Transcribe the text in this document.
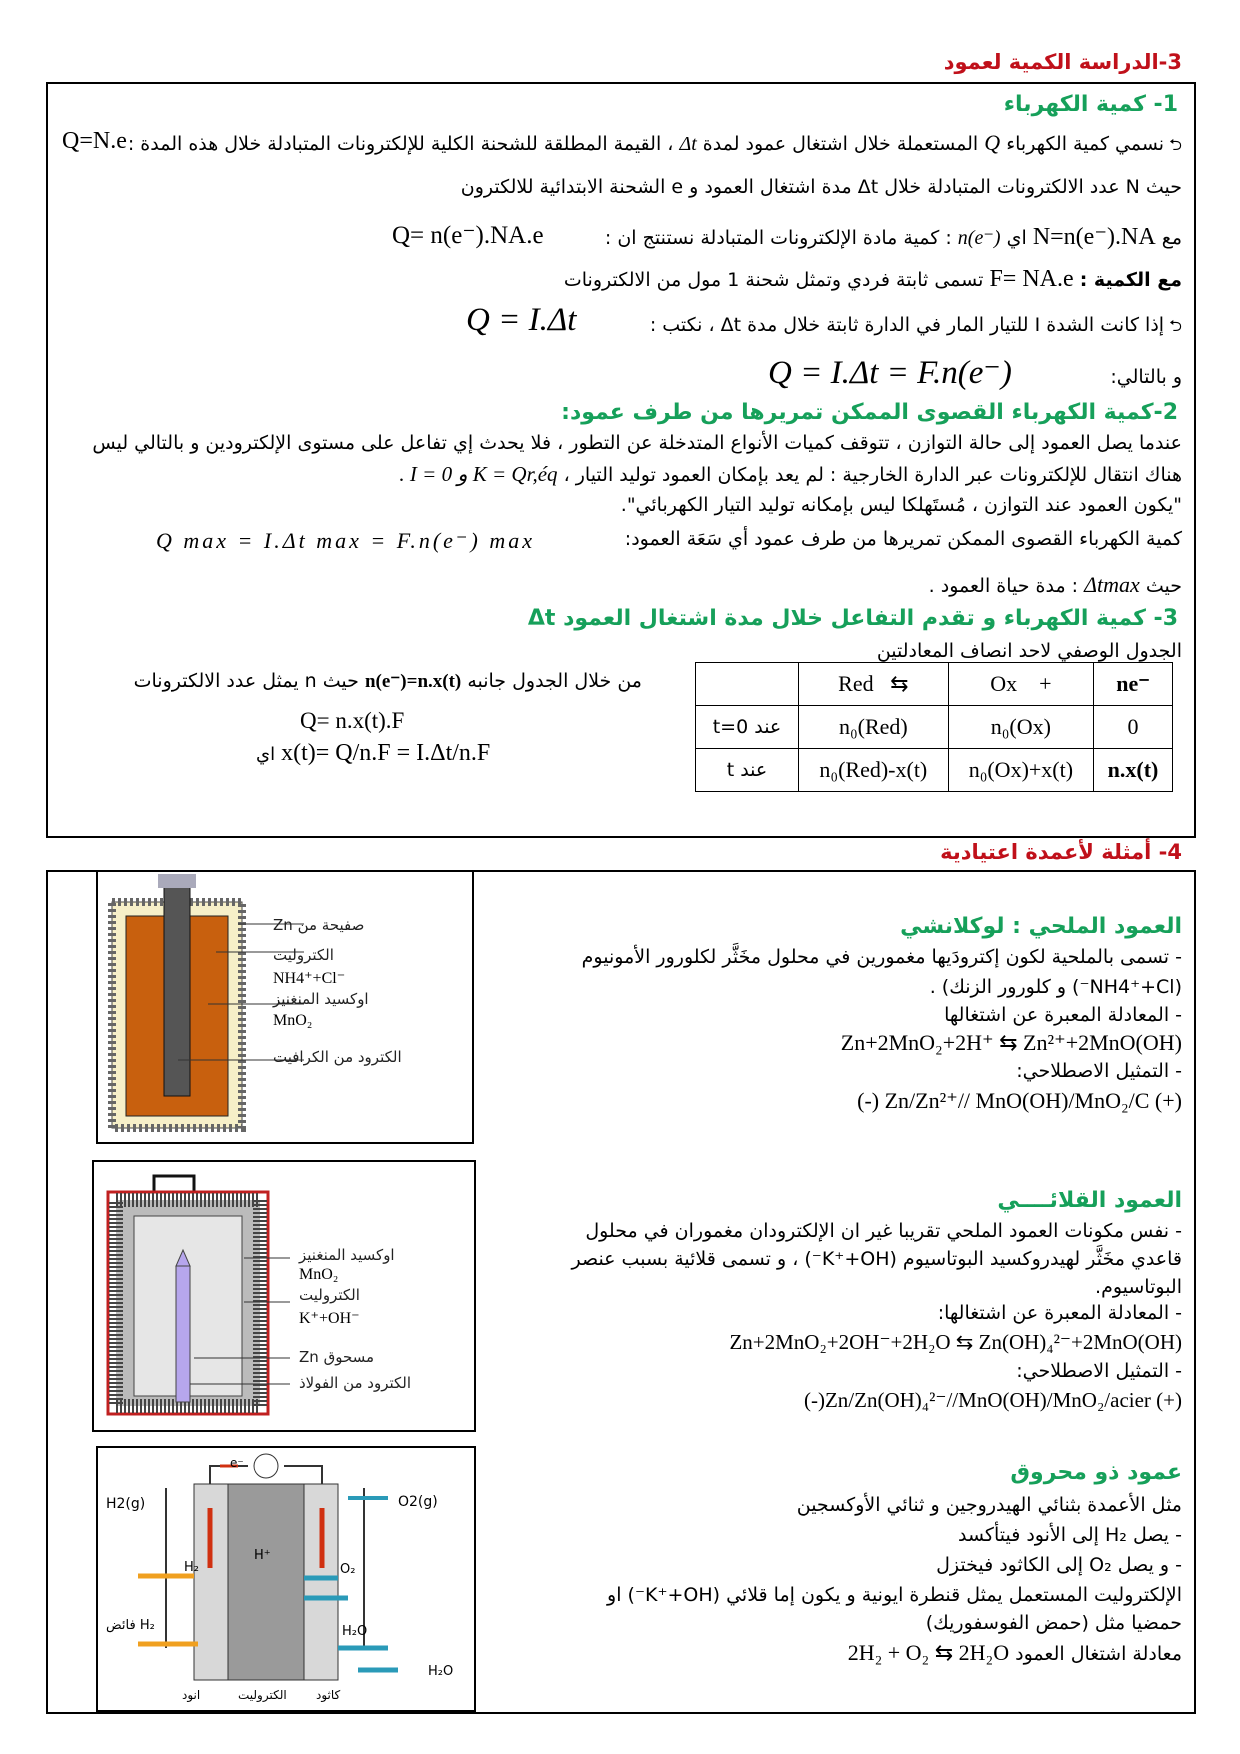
3-الدراسة الكمية لعمود
1- كمية الكهرباء
⮌ نسمي كمية الكهرباء Q المستعملة خلال اشتغال عمود لمدة Δt ، القيمة المطلقة للشحنة الكلية للإلكترونات المتبادلة خلال هذه المدة :
Q=N.e
حيث N عدد الالكترونات المتبادلة خلال Δt مدة اشتغال العمود و e الشحنة الابتدائية للالكترون
مع N=n(e⁻).NA اي n(e⁻) : كمية مادة الإلكترونات المتبادلة نستنتج ان :
Q= n(e⁻).NA.e
مع الكمية : F= NA.e تسمى ثابتة فردي وتمثل شحنة 1 مول من الالكترونات
⮌ إذا كانت الشدة I للتيار المار في الدارة ثابتة خلال مدة Δt ، نكتب :
Q = I.Δt
و بالتالي:
Q = I.Δt = F.n(e⁻)
2-كمية الكهرباء القصوى الممكن تمريرها من طرف عمود:
عندما يصل العمود إلى حالة التوازن ، تتوقف كميات الأنواع المتدخلة عن التطور ، فلا يحدث إي تفاعل على مستوى الإلكترودين و بالتالي ليس
هناك انتقال للإلكترونات عبر الدارة الخارجية : لم يعد بإمكان العمود توليد التيار ، K = Qr,éq و I = 0 .
"يكون العمود عند التوازن ، مُستَهلكا ليس بإمكانه توليد التيار الكهربائي".
كمية الكهرباء القصوى الممكن تمريرها من طرف عمود أي سَعَة العمود:
Q max = I.Δt max = F.n(e⁻) max
حيث Δtmax : مدة حياة العمود .
3- كمية الكهرباء و تقدم التفاعل خلال مدة اشتغال العمود Δt
الجدول الوصفي لاحد انصاف المعادلتين
من خلال الجدول جانبه n(e⁻)=n.x(t) حيث n يمثل عدد الالكترونات
Q= n.x(t).F
اي x(t)= Q/n.F = I.Δt/n.F
	Red ⇆	Ox +	ne⁻
عند t=0	n₀(Red)	n₀(Ox)	0
عند t	n₀(Red)-x(t)	n₀(Ox)+x(t)	n.x(t)
4- أمثلة لأعمدة اعتيادية
العمود الملحي : لوكلانشي
- تسمى بالملحية لكون إكترودَيها مغمورين في محلول مخَثَّر لكلورور الأمونيوم
(NH4⁺+Cl⁻) و كلورور الزنك) .
- المعادلة المعبرة عن اشتغالها
Zn+2MnO₂+2H⁺ ⇆ Zn²⁺+2MnO(OH)
- التمثيل الاصطلاحي:
(-) Zn/Zn²⁺// MnO(OH)/MnO₂/C (+)
صفيحة من Zn
الكتروليت
NH4⁺+Cl⁻
اوكسيد المنغنيز
MnO₂
الكترود من الكرافيت
العمود القلائــــي
- نفس مكونات العمود الملحي تقريبا غير ان الإلكترودان مغموران في محلول
قاعدي مخَثَّر لهيدروكسيد البوتاسيوم (K⁺+OH⁻) ، و تسمى قلائية بسبب عنصر
البوتاسيوم.
- المعادلة المعبرة عن اشتغالها:
Zn+2MnO₂+2OH⁻+2H₂O ⇆ Zn(OH)₄²⁻+2MnO(OH)
- التمثيل الاصطلاحي:
(-)Zn/Zn(OH)₄²⁻//MnO(OH)/MnO₂/acier (+)
اوكسيد المنغنيز
MnO₂
الكتروليت
K⁺+OH⁻
مسحوق Zn
الكترود من الفولاذ
عمود ذو محروق
مثل الأعمدة بثنائي الهيدروجين و ثنائي الأوكسجين
- يصل H₂ إلى الأنود فيتأكسد
- و يصل O₂ إلى الكاثود فيختزل
الإلكتروليت المستعمل يمثل قنطرة ايونية و يكون إما قلائي (K⁺+OH⁻) او
حمضيا مثل (حمض الفوسفوريك)
معادلة اشتغال العمود 2H₂ + O₂ ⇆ 2H₂O
H2(g)	O2(g)
e⁻
H⁺
H₂	O₂
فائض H₂	H₂O
H₂O
انود	الكتروليت كاثود
